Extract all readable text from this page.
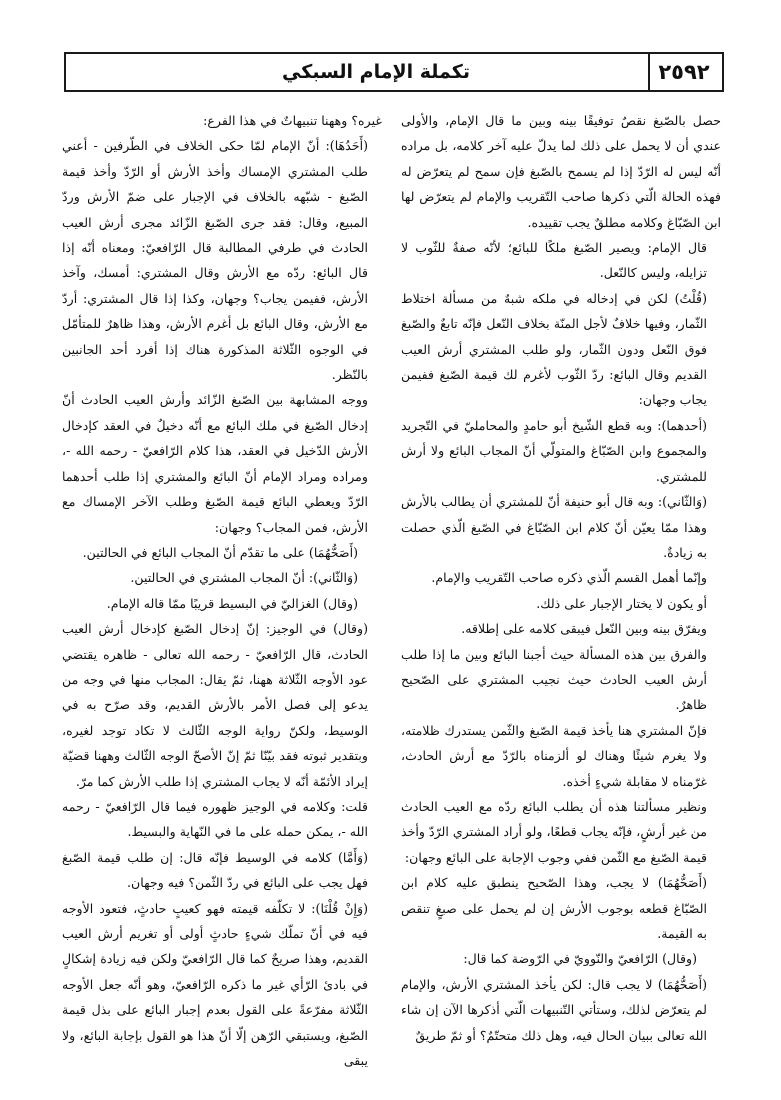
٢٥٩٢
تكملة الإمام السبكي

حصل بالصّبغ نقصٌ توفيقًا بينه وبين ما قال الإمام، والأولى عندي أن لا يحمل على ذلك لما يدلّ عليه آخر كلامه، بل مراده أنّه ليس له الرّدّ إذا لم يسمح بالصّبغ فإن سمح لم يتعرّض له فهذه الحالة الّتي ذكرها صاحب التّقريب والإمام لم يتعرّض لها ابن الصّبّاغ وكلامه مطلقٌ يجب تقييده.

قال الإمام: ويصير الصّبغ ملكًا للبائع؛ لأنّه صفةٌ للثّوب لا تزايله، وليس كالنّعل.

(قُلْتُ) لكن في إدخاله في ملكه شبهٌ من مسألة اختلاط الثّمار، وفيها خلافٌ لأجل المنّة بخلاف النّعل فإنّه تابعٌ والصّبغ فوق النّعل ودون الثّمار، ولو طلب المشتري أرش العيب القديم وقال البائع: ردّ الثّوب لأغرم لك قيمة الصّبغ ففيمن يجاب وجهان:

(أحدهما): وبه قطع الشّيخ أبو حامدٍ والمحامليّ في التّجريد والمجموع وابن الصّبّاغ والمتولّي أنّ المجاب البائع ولا أرش للمشتري.

(وَالثّاني): وبه قال أبو حنيفة أنّ للمشتري أن يطالب بالأرش وهذا ممّا يعيّن أنّ كلام ابن الصّبّاغ في الصّبغ الّذي حصلت به زيادةٌ.

وإنّما أهمل القسم الّذي ذكره صاحب التّقريب والإمام.

أو يكون لا يختار الإجبار على ذلك.

ويفرّق بينه وبين النّعل فيبقى كلامه على إطلاقه.

والفرق بين هذه المسألة حيث أجبنا البائع وبين ما إذا طلب أرش العيب الحادث حيث نجيب المشتري على الصّحيح ظاهرٌ.

فإنّ المشتري هنا يأخذ قيمة الصّبغ والثّمن يستدرك ظلامته، ولا يغرم شيئًا وهناك لو ألزمناه بالرّدّ مع أرش الحادث، غرّمناه لا مقابلة شيءٍ أخذه.

ونظير مسألتنا هذه أن يطلب البائع ردّه مع العيب الحادث من غير أرشٍ، فإنّه يجاب قطعًا، ولو أراد المشتري الرّدّ وأخذ قيمة الصّبغ مع الثّمن ففي وجوب الإجابة على البائع وجهان:

(أَصَحُّهُمَا) لا يجب، وهذا الصّحيح ينطبق عليه كلام ابن الصّبّاغ قطعه بوجوب الأرش إن لم يحمل على صبغٍ تنقص به القيمة.

(وقال) الرّافعيّ والنّوويّ في الرّوضة كما قال:

(أَصَحُّهُمَا) لا يجب قال: لكن يأخذ المشتري الأرش، والإمام لم يتعرّض لذلك، وستأتي التّنبيهات الّتي أذكرها الآن إن شاء الله تعالى ببيان الحال فيه، وهل ذلك متحتّمٌ؟ أو ثمّ طريقٌ

غيره؟ وههنا تنبيهاتٌ في هذا الفرع:

(أَحَدُهَا): أنّ الإمام لمّا حكى الخلاف في الطّرفين - أعني طلب المشتري الإمساك وأخذ الأرش أو الرّدّ وأخذ قيمة الصّبغ - شبّهه بالخلاف في الإجبار على ضمّ الأرش وردّ المبيع، وقال: فقد جرى الصّبغ الزّائد مجرى أرش العيب الحادث في طرفي المطالبة قال الرّافعيّ: ومعناه أنّه إذا قال البائع: ردّه مع الأرش وقال المشتري: أمسك، وآخذ الأرش، ففيمن يجاب؟ وجهان، وكذا إذا قال المشتري: أردّ مع الأرش، وقال البائع بل أغرم الأرش، وهذا ظاهرٌ للمتأمّل في الوجوه الثّلاثة المذكورة هناك إذا أفرد أحد الجانبين بالنّظر.

ووجه المشابهة بين الصّبغ الزّائد وأرش العيب الحادث أنّ إدخال الصّبغ في ملك البائع مع أنّه دخيلٌ في العقد كإدخال الأرش الدّخيل في العقد، هذا كلام الرّافعيّ - رحمه الله -، ومراده ومراد الإمام أنّ البائع والمشتري إذا طلب أحدهما الرّدّ ويعطي البائع قيمة الصّبغ وطلب الآخر الإمساك مع الأرش، فمن المجاب؟ وجهان:

(أَصَحُّهُمَا) على ما تقدّم أنّ المجاب البائع في الحالتين.

(وَالثّاني): أنّ المجاب المشتري في الحالتين.

(وقال) الغزاليّ في البسيط قريبًا ممّا قاله الإمام.

(وقال) في الوجيز: إنّ إدخال الصّبغ كإدخال أرش العيب الحادث، قال الرّافعيّ - رحمه الله تعالى - ظاهره يقتضي عود الأوجه الثّلاثة ههنا، ثمّ يقال: المجاب منها في وجه من يدعو إلى فصل الأمر بالأرش القديم، وقد صرّح به في الوسيط، ولكنّ رواية الوجه الثّالث لا تكاد توجد لغيره، وبتقدير ثبوته فقد بيّنّا ثمّ إنّ الأصحّ الوجه الثّالث وههنا قضيّة إيراد الأئمّة أنّه لا يجاب المشتري إذا طلب الأرش كما مرّ.

قلت: وكلامه في الوجيز ظهوره فيما قال الرّافعيّ - رحمه الله -، يمكن حمله على ما في النّهاية والبسيط.

(وَأَمَّا) كلامه في الوسيط فإنّه قال: إن طلب قيمة الصّبغ فهل يجب على البائع في ردّ الثّمن؟ فيه وجهان.

(وَإِنْ قُلْنَا): لا تكلّفه قيمته فهو كعيبٍ حادثٍ، فتعود الأوجه فيه في أنّ تملّك شيءٍ حادثٍ أولى أو تغريم أرش العيب القديم، وهذا صريحٌ كما قال الرّافعيّ ولكن فيه زيادة إشكالٍ في بادئ الرّأي غير ما ذكره الرّافعيّ، وهو أنّه جعل الأوجه الثّلاثة مفرّعةً على القول بعدم إجبار البائع على بذل قيمة الصّبغ، ويستبقي الرّهن إلّا أنّ هذا هو القول بإجابة البائع، ولا يبقى
